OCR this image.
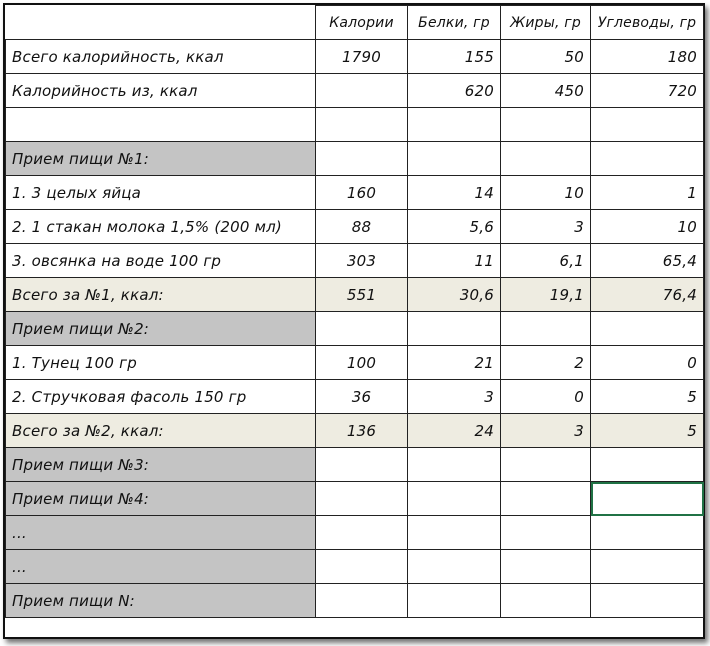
	Калории	Белки, гр	Жиры, гр	Углеводы, гр
Всего калорийность, ккал	1790	155	50	180
Калорийность из, ккал		620	450	720

Прием пищи №1:				
1. 3 целых яйца	160	14	10	1
2. 1 стакан молока 1,5% (200 мл)	88	5,6	3	10
3. овсянка на воде 100 гр	303	11	6,1	65,4
Всего за №1, ккал:	551	30,6	19,1	76,4
Прием пищи №2:				
1. Тунец 100 гр	100	21	2	0
2. Стручковая фасоль 150 гр	36	3	0	5
Всего за №2, ккал:	136	24	3	5
Прием пищи №3:				
Прием пищи №4:				
...				
...				
Прием пищи N:				
